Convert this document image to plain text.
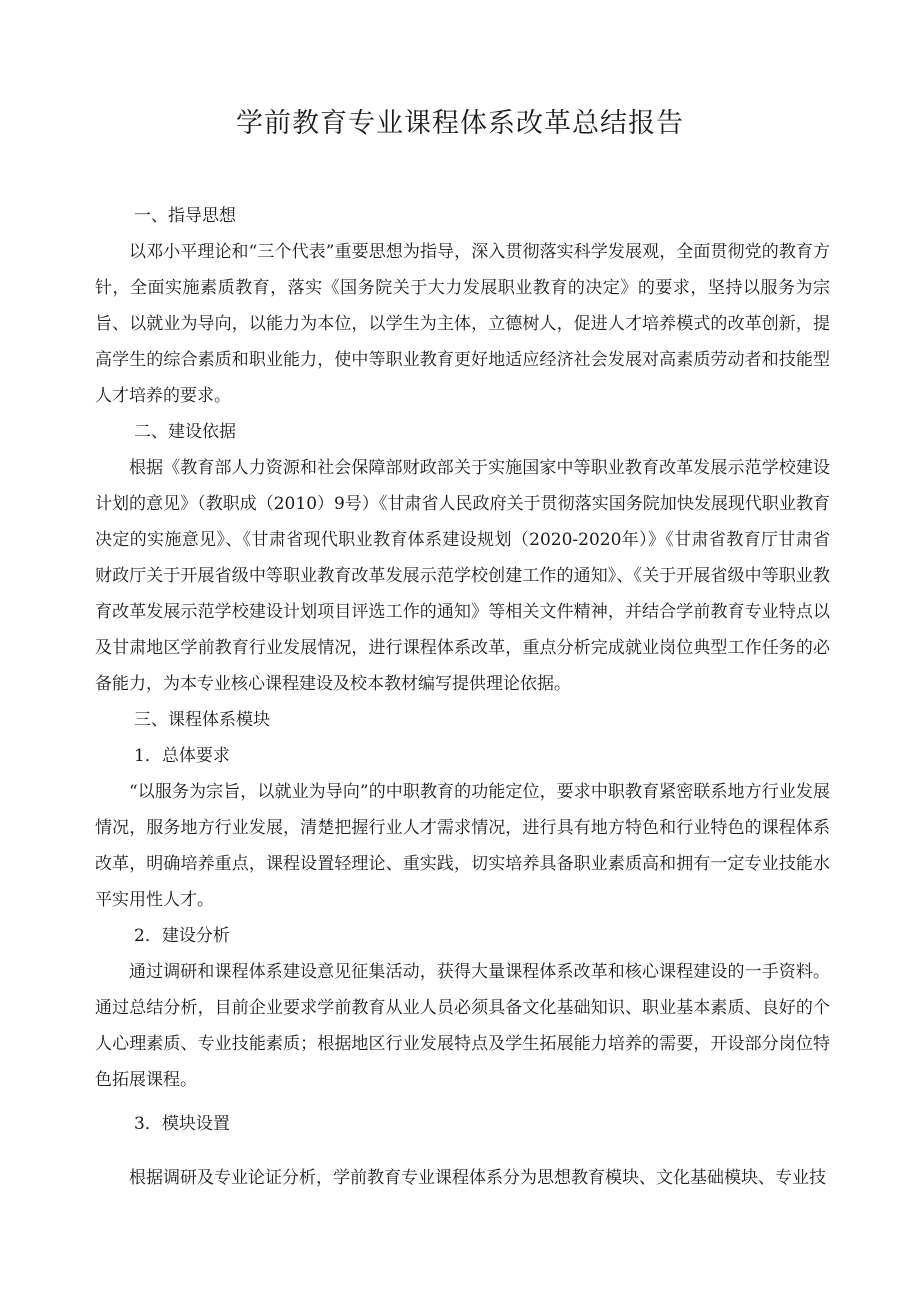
学前教育专业课程体系改革总结报告

一、指导思想

以邓小平理论和“三个代表”重要思想为指导，深入贯彻落实科学发展观，全面贯彻党的教育方针，全面实施素质教育，落实《国务院关于大力发展职业教育的决定》的要求，坚持以服务为宗旨、以就业为导向，以能力为本位，以学生为主体，立德树人，促进人才培养模式的改革创新，提高学生的综合素质和职业能力，使中等职业教育更好地适应经济社会发展对高素质劳动者和技能型人才培养的要求。

二、建设依据

根据《教育部人力资源和社会保障部财政部关于实施国家中等职业教育改革发展示范学校建设计划的意见》（教职成（2010）9号）《甘肃省人民政府关于贯彻落实国务院加快发展现代职业教育决定的实施意见》、《甘肃省现代职业教育体系建设规划（2020-2020年）》《甘肃省教育厅甘肃省财政厅关于开展省级中等职业教育改革发展示范学校创建工作的通知》、《关于开展省级中等职业教育改革发展示范学校建设计划项目评选工作的通知》等相关文件精神，并结合学前教育专业特点以及甘肃地区学前教育行业发展情况，进行课程体系改革，重点分析完成就业岗位典型工作任务的必备能力，为本专业核心课程建设及校本教材编写提供理论依据。

三、课程体系模块

1．总体要求

“以服务为宗旨，以就业为导向”的中职教育的功能定位，要求中职教育紧密联系地方行业发展情况，服务地方行业发展，清楚把握行业人才需求情况，进行具有地方特色和行业特色的课程体系改革，明确培养重点，课程设置轻理论、重实践，切实培养具备职业素质高和拥有一定专业技能水平实用性人才。

2．建设分析

通过调研和课程体系建设意见征集活动，获得大量课程体系改革和核心课程建设的一手资料。通过总结分析，目前企业要求学前教育从业人员必须具备文化基础知识、职业基本素质、良好的个人心理素质、专业技能素质；根据地区行业发展特点及学生拓展能力培养的需要，开设部分岗位特色拓展课程。

3．模块设置

根据调研及专业论证分析，学前教育专业课程体系分为思想教育模块、文化基础模块、专业技
